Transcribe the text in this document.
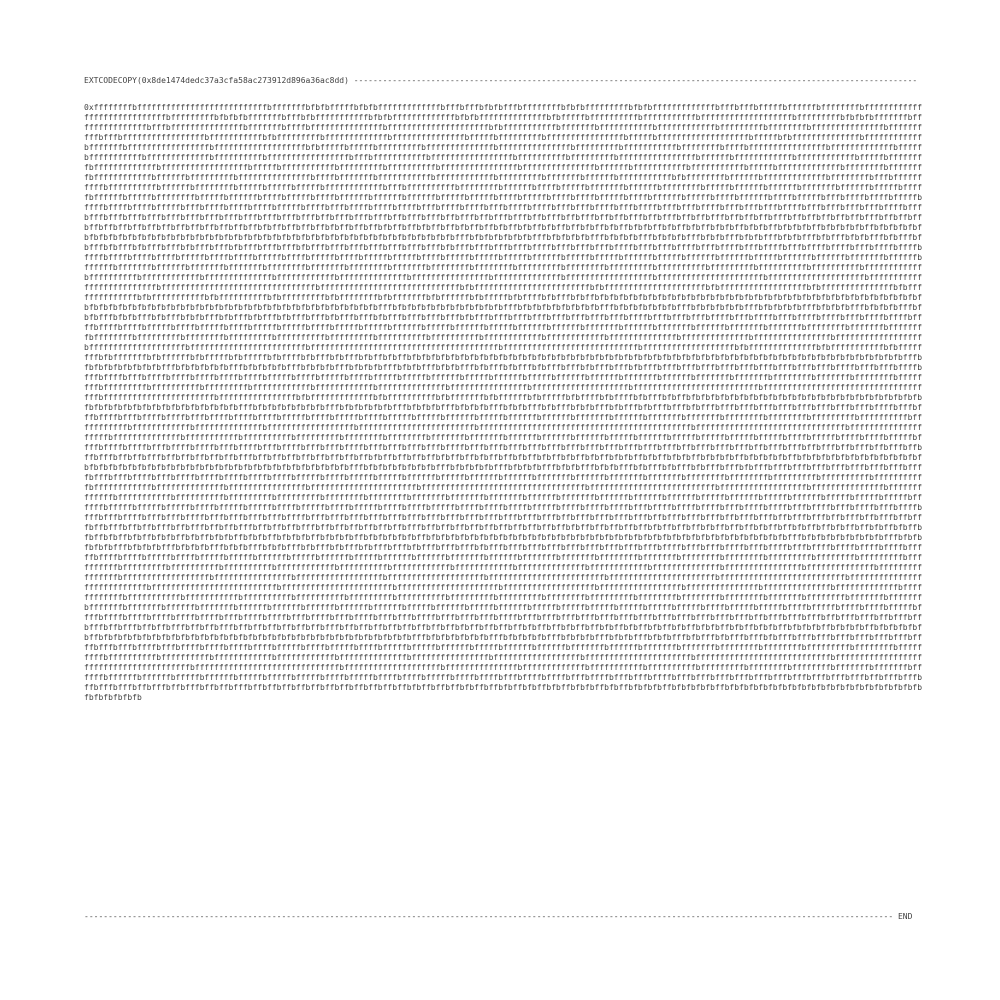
EXTCODECOPY(0x8de1474dedc37a3cfa58ac273912d896a36ac8dd) ---------------------------------------------------------------------------------------------------------------------
0xffffffffbfffffffffffffffffffffffffffbfffffffbfbfbfffffbfbfbfffffffffffffbfffbfffbfbfbfffbffffffffbfbfbfffffffffbfbfbfffffffffffffbfffbfffbfffffbffffffbffffffffbfffffffffffffffffffffffffffffbfffffffffbfbfbfbfffffffbfffbfbfffffffffffbfbfbfffffffffffffbfbfbffffffffffffffbfbfffffbffffffffffbfffffffffffbfffffffffffffffffffbfffffffffbfbfbfbfffffffbfffffffffffffffbfffbfffffffffffffffbfffffffbffffbfffffffffffffffbfffffffffffffffffffffbfbfffffffffffbfffffffbfffffffffffbffffffffffffbfffffffffbffffffffbfffffffffffffffbffffffffffbfffbfffffffffffffffffbfffffffffffbfbfffffffffbfffffffffffffbfffffffffffffffbfffffbfffffffffbffffffffffffffffbfffffbfffffffffffffffffffbfffffbfbffffffffffffffbffffffffffffbfffffffbfffffffffffffffffbfffffffffffffffffffbfbfffffbfffffbfffffffffbffffffffffffffbfffffffffffffffbfffffffffbfffffffffffbffffffffbffffbffffffffffffffffbfffffffffffffbfffffbfffffffffffbfffffffffffffbffffffffffbfffffffffffffffffbfffbfffffffffffbfffffffffffffffffbffffffffffbfffffffffbffffffffffffffffbffffffbffffffffffffbffffffffffffbfffffbffffffffbfffffffffffffbffffffffffffffffffbfffffbfffffffffffbfffffffffbffffffffffbffffffffffffffffbfffffffffffffffbffffffbfffffffffffbfffffffffffbfffffbfffffffffffffbffffffffbffffffffbffffffffffffbffffffbfffffffffbfffffffffffffffbffffbfffffffbfffffffffffbffffffffffffbfffffffffbfffffffbffffffbfffffffffffbfbffffffffbffffffbfffffffffffffbffffffffbfffbffffffffffbffffffffffbffffffbffffffffbfffffbfffffbfffffbffffffffffffbfffbffffffffffbffffffffbffffffbffffbfffffbfffffffbffffffbffffffffbfffffbffffffbffffffbfffffffbffffffbfffffbfffffbffffffbfffffbffffffffbfffffbffffffbffffbfffffbffffbffffffbffffffbffffffbfffffbfffffbffffbfffffbffffbffffbfffffbffffbffffffbfffffbffffbffffffbffffbfffffbfffbffffbffffbfffffbffffbffffbffffbfffffbfffbffffbffffbffffbfffffbffffbfffbffffbffffbffffbfffbffffbffffbfffbffffbffffbfffbfffbffffbfffbffffbfffbfffbffffbfffbfffbfffbffffbfffbfffbfffbfffbffffbfffbfffbfffbfffbfffbfffbfffbfffbfffbfffbfffbfffbfffbffbfffbfffbfffbffbfffbfffbffbfffbffbfffbfffbffbfffbffbfffbffbffbfffbffbfffbffbffbfffbffbffbffbfffbffbffbffbffbffbfffbffbffbffbffbffbffbffbffbffbffbffbffbffbffbffbfbffbffbffbffbfbffbffbffbfbffbffbfbffbffbfbffbffbfbffbfbffbfbffbffbfbffbfbffbfbfbffbfbffbfbffbfbfbffbfbfbffbfbfbfbffbfbfbfbfbffbfbfbfbfbfbfbfbfbfbfbfbfbfbfbfbfbfbfbfbfbfbfbfbfbfbfbfbfbfbfbfbfbfbfbfbfbfbfbfbfbfbfbfbfffbfbfbfbfbfbfbfffbfbfbfbfbfffbfbfbfbfffbfbfbfbfffbfbfbfffbfbfbfffbfbfbfffbfbfffbfbfbfffbfbfffbfbfffbfbfffbfbfffbfffbfbfffbfffbfbfffbfffbfffbfbfffbfffbfffbfffbfffbfffbfffbfbfffbfffbfffbfffbffffbfffbfffbfffbffffbfffbfffbffffbfffbffffbfffbffffbfffbffffbffffbfffbffffbffffbffffbffffbffffbffffbfffffbffffbffffbfffffbffffbfffffbffffbfffffbfffffbffffbfffffbfffffbfffffbffffffbfffffbfffffbffffffbfffffbffffffbffffffbfffffbffffffbffffffbfffffffbffffffbffffffbfffffffbffffffbfffffffbfffffffbffffffffbfffffffbffffffffbfffffffbffffffffbffffffffbfffffffffbffffffffbfffffffffbffffffffffbfffffffffbffffffffffbffffffffffbffffffffffffbffffffffffbffffffffffffbffffffffffffffbffffffffffffbffffffffffffffbffffffffffffffffbffffffffffffffbffffffffffffffffffbffffffffffffffffffffffbffffffffffffffffffffbffffffffffffffffffffffffffbffffffffffffffffffffffffffffffffbfffffffffffffffffffffffffffffbfbffffffffffffffffffffffffbfbfffffffffffffffffffffbfbffffffffffffffffffbfbfffffffffffffffbfbffffffffffffffbfbfffffffffffbfbffffffffffbfbfffffffffbfbffffffffbfbfffffffbfbffffffbfbfffffbfbffffbfbfffbfbffbfbfbfbfbfbfbfbfbfbfbfbfbfbfbfbfbfbfbfbfbfbfbfbfbfbfbfbfbfbfbfbfbfbfbfbfbfbfbfbfbfbfbfbfbfbfbfbfbfbfbfbfbfbfbfbfbfbfbfbfbfbfbfbfbfffbfbfbfbfbfbfbfbfbfbfbfbfffbfbfbfbfbfbfbfbfbfffbfbfbfbfbfbfbfffbfbfbfbfbfbfffbfbfbfbfbfffbfbfbfbfffbfbfbfbfffbfbfbfffbfbfbfffbfbfffbfbfbfffbfbfffbfbfffbfbfffbfffbfbfffbfffbfbfffbfffbfffbfffbfbfffbfffbfffbfffbfffbfffbfffbfffbffffbfffbfffbfffbffffbfffbffffbfffbffffbffffbfffbffffbffffbffffbffffbffffbfffffbffffbfffffbffffbfffffbfffffbffffbfffffbfffffbffffffbfffffbffffffbfffffbffffffbffffffbfffffffbffffffbfffffffbffffffbfffffffbfffffffbffffffffbfffffffbffffffffbffffffffbfffffffffbffffffffbfffffffffbffffffffffbfffffffffbffffffffffbffffffffffbffffffffffffbffffffffffffbffffffffffffffbffffffffffffffbffffffffffffffffbffffffffffffffffffbffffffffffffffffffffbffffffffffffffffffffffffbfffffffffffffffffffffffffffffffffffffffbffffffffffffffffffffffffffffbfffffffffffffffffffbfbffffffffffffffbfbfffffffffffbfbffffffffbfbfffffffbfbffffffbfbfffffbfbfffffbfbffffbfbfffbfbfffbfbffbfbffbfbfbfbfbfbfbfbfbfbfbfbfbfbfbfbfbfbfbfbfbfbfbfbfbfbfbfbfbfbfbfbfbfbfbfbfbfbfbfbfbfbfbfbfbfbfbfbfbfbfbfbfffbfbfbfbfbfbfbfbfbfffbfbfbfbfbfbfffbfbfbfbfbfffbfbfbfbfffbfbfbfbfffbfbfbfffbfbfbfffbfbfffbfbfffbfbfffbfffbfbfffbfffbfbfffbfffbfffbfffbfffbfffbfffbfffbfffbfffbffffbfffbfffbffffbfffbffffbfffbffffbffffbffffbffffbffffbfffffbffffbfffffbffffbfffffbfffffbffffffbfffffbffffffbfffffbffffffbffffffbfffffffbffffffbfffffffbfffffffbffffffffbfffffffbffffffffbffffffffbfffffffffbffffffffffbfffffffffbffffffffffffbffffffffffffbffffffffffffffbffffffffffffffffbffffffffffffffffffffbffffffffffffffffffffffffffbffffffffffffffffffffffffffffffffffffbfffffffffffffffffffffffbffffffffffffffffbfbfffffffffffffbfbffffffffffbfbfffffffbfbffffffbfbfffffbfbffffbfbffffbfbfffbfbffbfbfbfbfbfbfbfbfbfbfbfbfbfbfbfbfbfbfbfbfbfbfbfbfbfbfbfbfbfbfbfbfbfbfbfbfbfbfbfbfbfffbfbfbfbfbfbfbfbfffbfbfbfbfbfbfffbfbfbfbfffbfbfbfbfffbfbfbfffbfbfffbfbfbfffbfbfffbfbfffbfffbfbfffbfffbfffbfffbfffbfffbfffbfffbfffbffffbfffbfffbffffbfffbffffbffffbfffbffffbffffbffffbfffffbffffbfffffbffffbfffffbfffffbffffffbfffffbffffffbffffffbfffffffbffffffbfffffffbfffffffbffffffffbffffffffbfffffffffbffffffffffbfffffffffffbffffffffffffbffffffffffffffbffffffffffffffffffbffffffffffffffffffffffffbffffffffffffffffffffffffffffffffffffffffffffbfffffffffffffffffffffffffffffffbffffffffffffffffffffbffffffffffffffbfffffffffffbffffffffffbfffffffffbffffffffbffffffffbfffffffbfffffffbffffffbffffffbffffffbfffffbffffffbfffffbfffffbfffffbfffffbffffbfffffbffffbffffbfffffbffffbffffbffffbfffbffffbffffbfffbffffbfffbffffbfffbfffbffffbfffbfffbfffbfffbffffbfffbfffbfffbfffbfffbfffbfffbfffbfffbfffbfffbffbfffbfffbfffbffbfffbfffbffbfffbffbfffbffbfffbffbffbfffbffbffbfffbffbffbffbffbffbfffbffbffbffbffbffbffbffbffbfbffbffbffbffbfbffbffbfbffbffbfbffbfbffbfbffbfbffbfbfbffbfbffbfbfbffbfbfbfbffbfbfbfbfbffbfbfbfbfbfbfbfbfbfbfbfbfbfbfbfbfbfbfbfbfbfbfbfbfbfbfbfbfbfbfbfbfbfbfbfbfbfbfbfbfbfffbfbfbfbfbfbfbfbfffbfbfbfbfbfffbfbfbfbfffbfbfbfffbfbfbfffbfbfffbfbfffbfbfffbfffbfbfffbfffbfffbfffbfffbfffbfffbfffbffffbfffbfffbffffbfffbffffbffffbffffbffffbffffbfffffbffffbfffffbfffffbffffffbfffffbffffffbffffffbfffffffbffffffbfffffffbfffffffbffffffffbffffffffbfffffffffbffffffffffbfffffffffffbffffffffffffbffffffffffffffbffffffffffffffffbffffffffffffffffffffffbffffffffffffffffffffffffffffffffffbffffffffffffffffffffffffffbffffffffffffffffffbfffffffffffffffbfffffffffffffbfffffffffffbffffffffffbfffffffffbfffffffffbffffffffbffffffffbfffffffbfffffffbfffffffbffffffbfffffffbffffffbffffffbffffffbfffffbffffffbfffffbffffffbfffffbfffffbfffffbffffffbfffffbfffffbfffffbffffbfffffbfffffbffffbfffffbffffbfffffbffffbffffbfffffbffffbffffbffffbfffffbffffbffffbffffbfffbffffbffffbffffbfffbffffbffffbfffbffffbfffbffffbfffbffffbfffbfffbffffbfffbfffbffffbfffbfffbfffbfffbffffbfffbfffbfffbfffbfffbfffbfffbfffbfffbfffbfffbfffbfffbffbfffbfffbfffbfffbffbfffbfffbfffbffbfffbfffbffbfffbfffbffbfffbffbfffbffbfffbffbfffbffbffbfffbffbfffbffbffbfffbffbffbffbfffbffbffbffbffbffbffbfffbffbffbffbffbffbffbffbffbffbffbfbffbffbffbffbffbfbffbffbffbfbffbffbffbfbffbffbfbffbffbfbffbffbfbffbfbffbfbffbfbffbfbffbfbfbffbfbffbfbfbffbfbfbffbfbfbfbffbfbfbfbffbfbfbfbfbfbffbfbfbfbfbfbfbfbfbfbfbfbfbfbfbfbfbfbfbfbfbfbfbfbfbfbfbfbfbfbfbfbfbfbfbfbfbfbfffbfbfbfbfbfbfbfbfbfffbfbfbfbfbfbfffbfbfbfbfffbfbfbfbfffbfbfbfffbfbfbfffbfbfffbfbfffbfbfffbfffbfbfffbfffbfffbfbfffbfffbfffbfffbfffbfffbfffbfffbfffbffffbfffbfffbffffbfffbffffbfffbffffbffffbffffbffffbfffffbffffbffffbfffffbffffbfffffbfffffbffffffbfffffbffffffbfffffbffffffbffffffbfffffffbffffffbfffffffbfffffffbffffffffbfffffffbffffffffbffffffffbfffffffffbffffffffbfffffffffbffffffffffbfffffffffbffffffffffbffffffffffbffffffffffffbffffffffffbffffffffffffbffffffffffffbffffffffffffffbffffffffffffbffffffffffffffbffffffffffffffffbffffffffffffffbffffffffffffffffbffffffffffffffffffbffffffffffffffffbffffffffffffffffffbffffffffffffffffffffbffffffffffffffffffffffffbffffffffffffffffffffffbffffffffffffffffffffffffffbffffffffffffffffffffffffffffbffffffffffffffffffffffffffbfffffffffffffffffffffffbfffffffffffffffffffffbfffffffffffffffffffbfffffffffffffffffbfffffffffffffffbffffffffffffffbfffffffffffffbffffffffffffbfffffffffffbfffffffffffbffffffffffbffffffffffbfffffffffbffffffffffbfffffffffbfffffffffbffffffffbfffffffffbffffffffbffffffffbffffffffbfffffffbffffffffbfffffffbfffffffbfffffffbfffffffbffffffbfffffffbffffffbffffffbffffffbffffffbffffffbfffffbffffffbfffffbffffffbfffffbfffffbfffffbfffffbfffffbfffffbffffbfffffbfffffbffffbfffffbffffbffffbfffffbffffbffffbffffbffffbffffbffffbfffbffffbffffbfffbffffbfffbffffbfffbfffbffffbfffbfffbfffbffffbfffbfffbfffbfffbfffbfffbfffbfffbfffbfffbfffbfffbffbfffbfffbfffbffbfffbfffbffbfffbffbfffbffbfffbffbffbfffbffbffbfffbffbffbffbffbffbffbfffbffbffbffbffbffbffbffbffbfbffbffbffbffbfbffbffbfbffbffbfbffbfbffbfbffbfbffbfbfbffbfbffbfbfbffbfbfbfbffbfbfbfbffbfbfbfbfbfbffbfbfbfbfbfbfbfbfbfbfbfbfbfbfbfbfbfbfbfbfbfbfbfbfbfbfbfbfbfbfbfbfbfffbfbfbfbfbfbfbfffbfbfbfbfbfffbfbfbfbfffbfbfbfffbfbfbfffbfbfffbfbfffbfffbfbfffbfffbfffbfffbfffbfffbfffbffffbfffbfffbffffbfffbffffbffffbffffbffffbfffffbffffbfffffbffffbfffffbfffffbffffffbfffffbffffffbffffffbfffffffbffffffbfffffffbfffffffbffffffffbffffffffbfffffffffbffffffffbfffffffffbffffffffffbffffffffffbffffffffffffbffffffffffffbffffffffffffffbffffffffffffffffbffffffffffffffffffbffffffffffffffffffffffbffffffffffffffffffffffffffffbffffffffffffffffffffffffffffffffffffffffbffffffffffffffffffffffffffffffbffffffffffffffffffffbfffffffffffffffbfffffffffffffbfffffffffffbffffffffffbfffffffffbffffffffbffffffffbfffffffbfffffffbffffffbffffffbffffffbfffffbffffffbfffffbfffffbfffffbffffbfffffbffffbffffbfffffbffffbffffbfffbffffbffffbfffbffffbfffbfffbffffbfffbfffbfffbfffbfffbfffbfffbfffbfffbfffbffbfffbfffbffbfffbfffbffbfffbffbfffbffbffbfffbffbffbffbffbffbffbffbffbffbffbffbfbffbffbffbfbffbffbfbffbfbffbfbffbfbfbffbfbffbfbfbfbffbfbfbfbfbffbfbfbfbfbfbfbfbfbfbfbfbfbfbfbfbfbfbfbfbfbfbfbfbfbfbfb
------------------------------------------------------------------------------------------------------------------------------------------------------------------------ END
